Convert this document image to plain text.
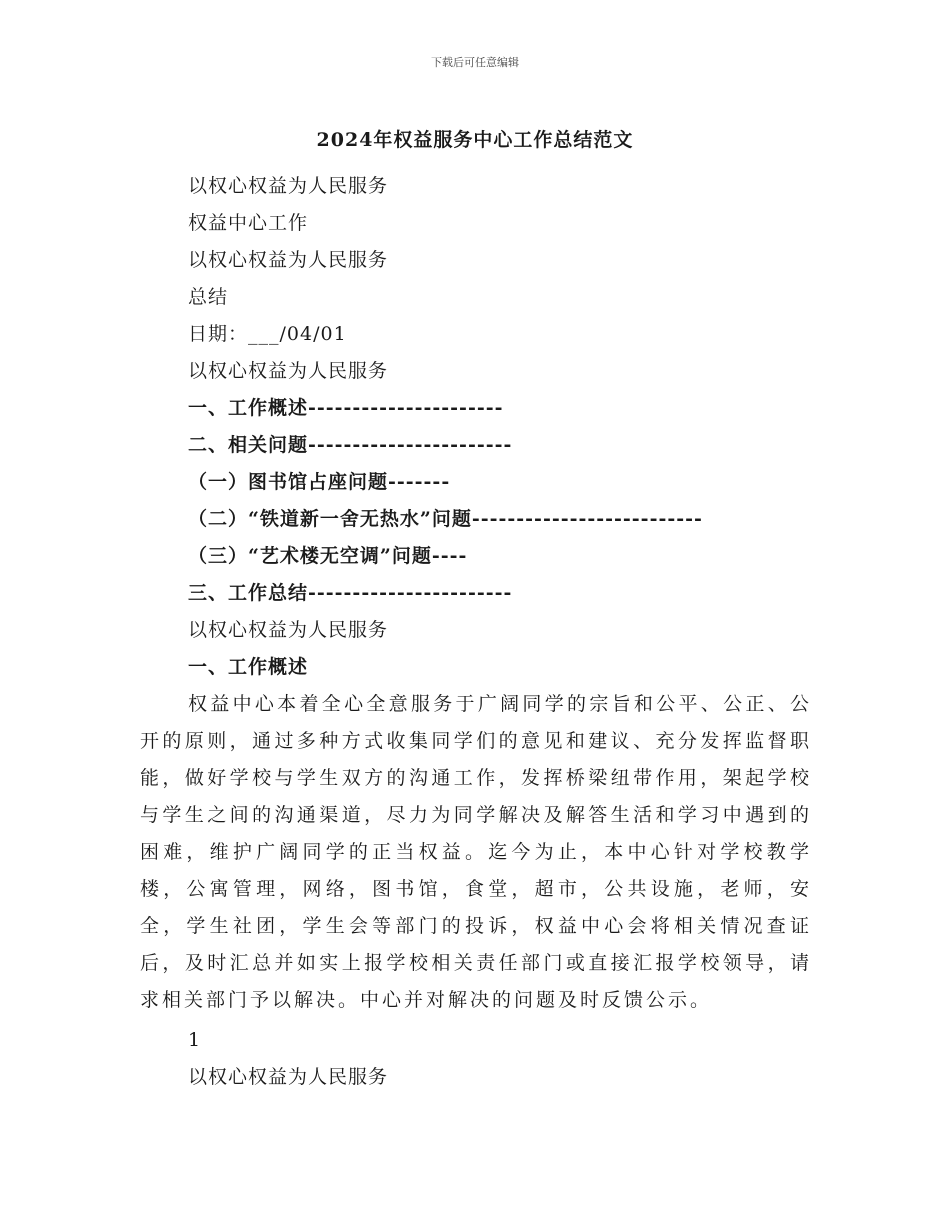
下载后可任意编辑
2024年权益服务中心工作总结范文
以权心权益为人民服务
权益中心工作
以权心权益为人民服务
总结
日期：___/04/01
以权心权益为人民服务
一、工作概述----------------------
二、相关问题-----------------------
（一）图书馆占座问题-------
（二）“铁道新一舍无热水”问题--------------------------
（三）“艺术楼无空调”问题----
三、工作总结-----------------------
以权心权益为人民服务
一、工作概述
权益中心本着全心全意服务于广阔同学的宗旨和公平、公正、公开的原则，通过多种方式收集同学们的意见和建议、充分发挥监督职能，做好学校与学生双方的沟通工作，发挥桥梁纽带作用，架起学校与学生之间的沟通渠道，尽力为同学解决及解答生活和学习中遇到的困难，维护广阔同学的正当权益。迄今为止，本中心针对学校教学楼，公寓管理，网络，图书馆，食堂，超市，公共设施，老师，安全，学生社团，学生会等部门的投诉，权益中心会将相关情况查证后，及时汇总并如实上报学校相关责任部门或直接汇报学校领导，请求相关部门予以解决。中心并对解决的问题及时反馈公示。
1
以权心权益为人民服务
